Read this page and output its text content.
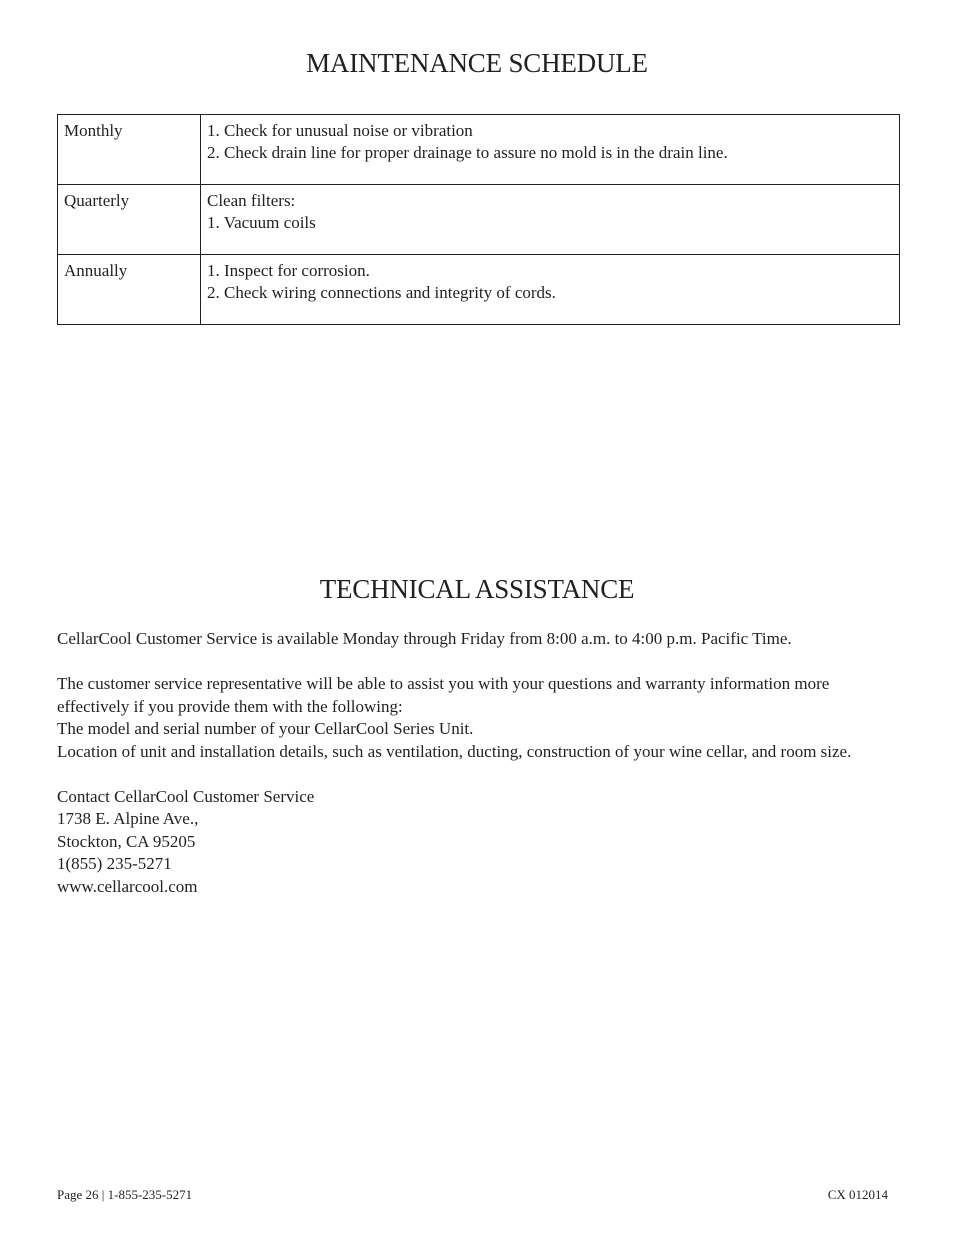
MAINTENANCE SCHEDULE
Monthly	1. Check for unusual noise or vibration
2. Check drain line for proper drainage to assure no mold is in the drain line.

Quarterly	Clean filters:
1. Vacuum coils

Annually	1. Inspect for corrosion.
2. Check wiring connections and integrity of cords.
TECHNICAL ASSISTANCE

CellarCool Customer Service is available Monday through Friday from 8:00 a.m. to 4:00 p.m. Pacific Time.

The customer service representative will be able to assist you with your questions and warranty information more effectively if you provide them with the following:

The model and serial number of your CellarCool Series Unit.

Location of unit and installation details, such as ventilation, ducting, construction of your wine cellar, and room size.

Contact CellarCool Customer Service

1738 E. Alpine Ave.,

Stockton, CA 95205

1(855) 235-5271

www.cellarcool.com

Page 26 | 1-855-235-5271	CX 012014
